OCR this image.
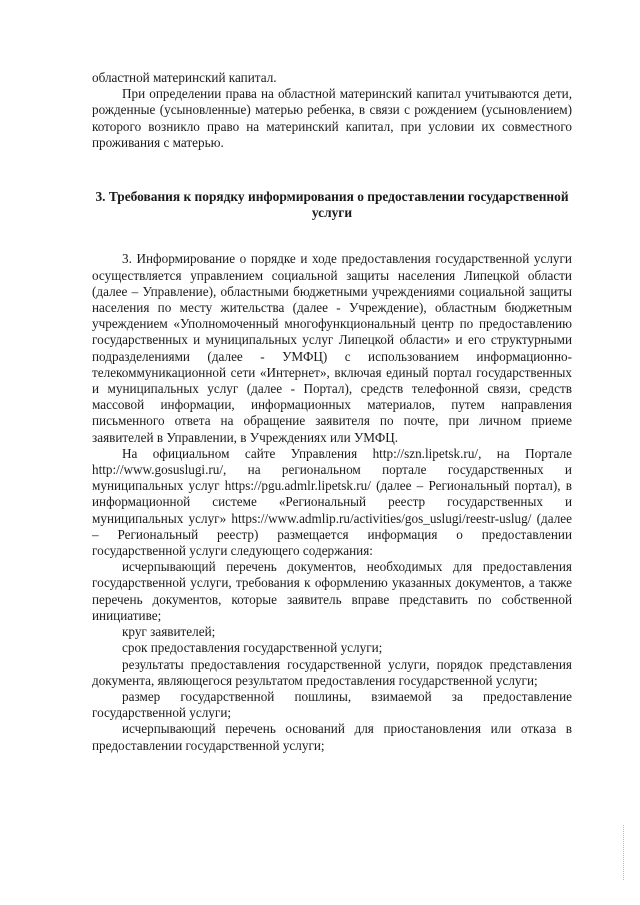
областной материнский капитал.

При определении права на областной материнский капитал учитываются дети, рожденные (усыновленные) матерью ребенка, в связи с рождением (усыновлением) которого возникло право на материнский капитал, при условии их совместного проживания с матерью.

3. Требования к порядку информирования о предоставлении государственной услуги

3. Информирование о порядке и ходе предоставления государственной услуги осуществляется управлением социальной защиты населения Липецкой области (далее – Управление), областными бюджетными учреждениями социальной защиты населения по месту жительства (далее - Учреждение), областным бюджетным учреждением «Уполномоченный многофункциональный центр по предоставлению государственных и муниципальных услуг Липецкой области» и его структурными подразделениями (далее - УМФЦ) с использованием информационно-телекоммуникационной сети «Интернет», включая единый портал государственных и муниципальных услуг (далее - Портал), средств телефонной связи, средств массовой информации, информационных материалов, путем направления письменного ответа на обращение заявителя по почте, при личном приеме заявителей в Управлении, в Учреждениях или УМФЦ.

На официальном сайте Управления http://szn.lipetsk.ru/, на Портале http://www.gosuslugi.ru/, на региональном портале государственных и муниципальных услуг https://pgu.admlr.lipetsk.ru/ (далее – Региональный портал), в информационной системе «Региональный реестр государственных и муниципальных услуг» https://www.admlip.ru/activities/gos_uslugi/reestr-uslug/ (далее – Региональный реестр) размещается информация о предоставлении государственной услуги следующего содержания:

исчерпывающий перечень документов, необходимых для предоставления государственной услуги, требования к оформлению указанных документов, а также перечень документов, которые заявитель вправе представить по собственной инициативе;

круг заявителей;

срок предоставления государственной услуги;

результаты предоставления государственной услуги, порядок представления документа, являющегося результатом предоставления государственной услуги;

размер государственной пошлины, взимаемой за предоставление государственной услуги;

исчерпывающий перечень оснований для приостановления или отказа в предоставлении государственной услуги;
